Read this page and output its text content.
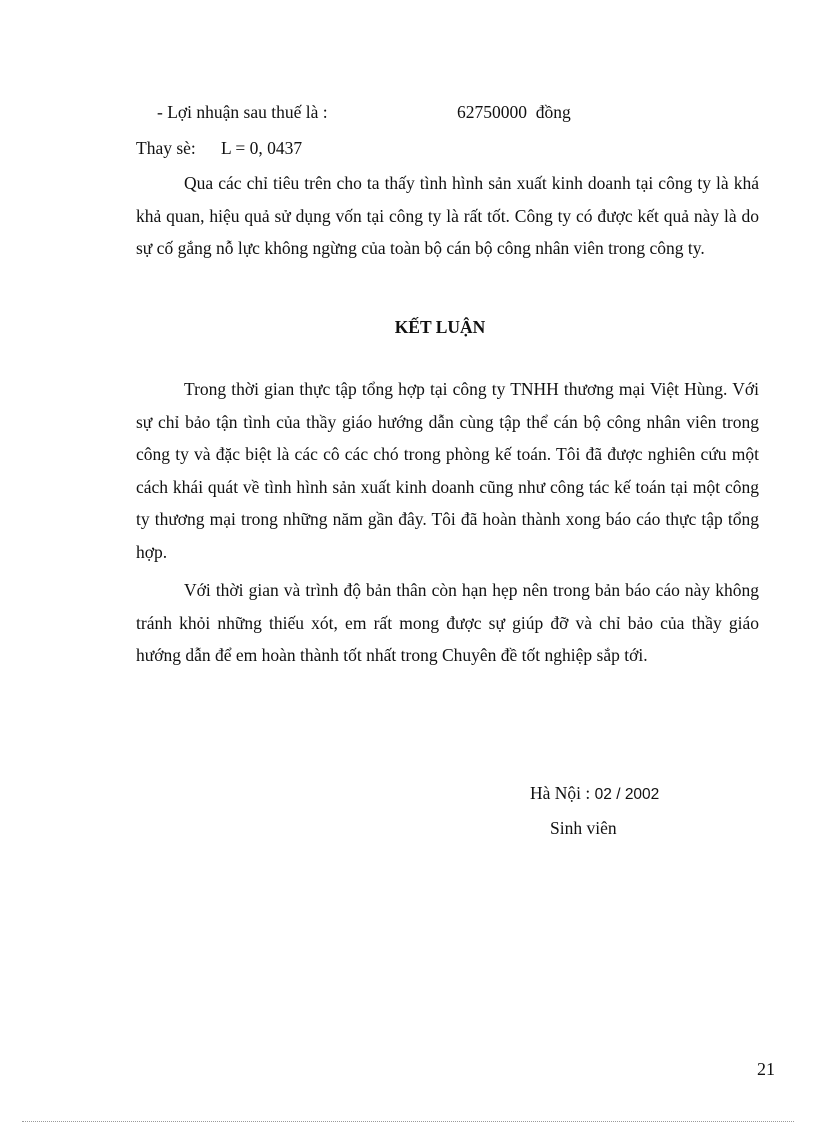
- Lợi nhuận sau thuế là :	62750000 đồng
Thay sè: L = 0, 0437

Qua các chỉ tiêu trên cho ta thấy tình hình sản xuất kinh doanh tại công ty là khá khả quan, hiệu quả sử dụng vốn tại công ty là rất tốt. Công ty có được kết quả này là do sự cố gắng nỗ lực không ngừng của toàn bộ cán bộ công nhân viên trong công ty.

KẾT LUẬN

Trong thời gian thực tập tổng hợp tại công ty TNHH thương mại Việt Hùng. Với sự chỉ bảo tận tình của thầy giáo hướng dẫn cùng tập thể cán bộ công nhân viên trong công ty và đặc biệt là các cô các chó trong phòng kế toán. Tôi đã được nghiên cứu một cách khái quát về tình hình sản xuất kinh doanh cũng như công tác kế toán tại một công ty thương mại trong những năm gần đây. Tôi đã hoàn thành xong báo cáo thực tập tổng hợp.

Với thời gian và trình độ bản thân còn hạn hẹp nên trong bản báo cáo này không tránh khỏi những thiếu xót, em rất mong được sự giúp đỡ và chỉ bảo của thầy giáo hướng dẫn để em hoàn thành tốt nhất trong Chuyên đề tốt nghiệp sắp tới.

Hà Nội : 02 / 2002
Sinh viên
21
